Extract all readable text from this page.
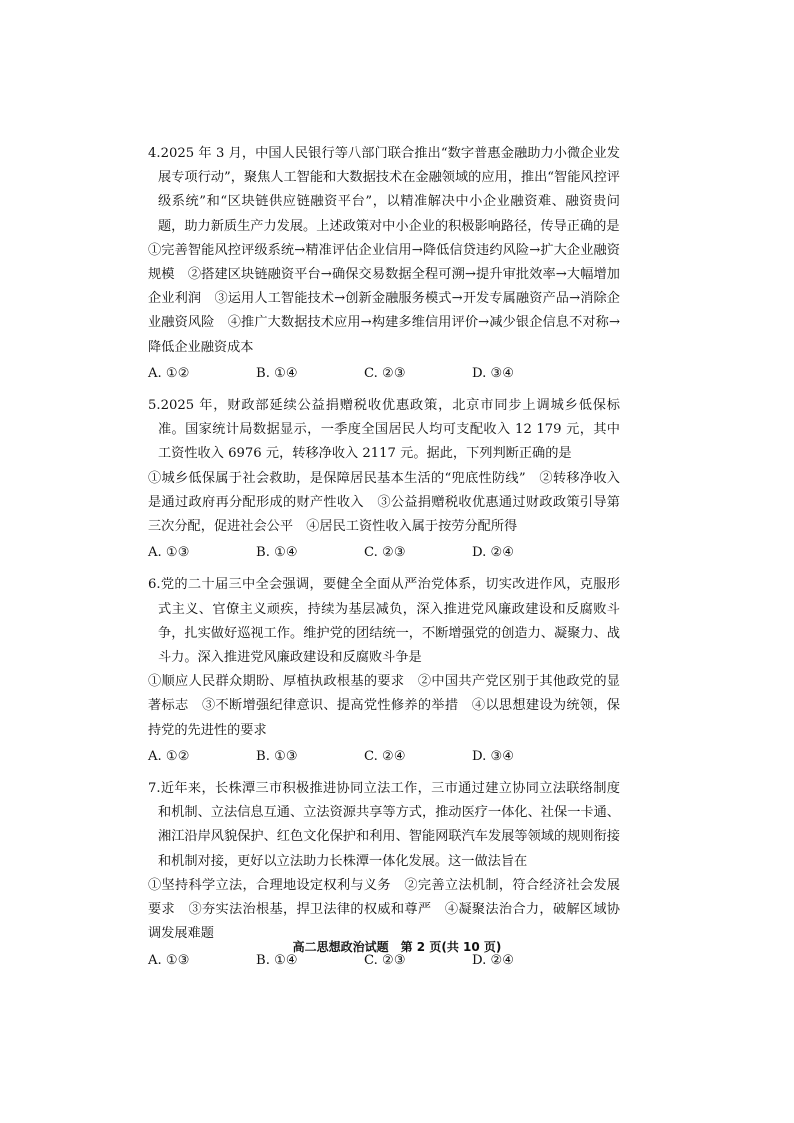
4.2025 年 3 月，中国人民银行等八部门联合推出“数字普惠金融助力小微企业发展专项行动”，聚焦人工智能和大数据技术在金融领域的应用，推出“智能风控评级系统”和“区块链供应链融资平台”，以精准解决中小企业融资难、融资贵问题，助力新质生产力发展。上述政策对中小企业的积极影响路径，传导正确的是

①完善智能风控评级系统→精准评估企业信用→降低信贷违约风险→扩大企业融资规模　②搭建区块链融资平台→确保交易数据全程可溯→提升审批效率→大幅增加企业利润　③运用人工智能技术→创新金融服务模式→开发专属融资产品→消除企业融资风险　④推广大数据技术应用→构建多维信用评价→减少银企信息不对称→降低企业融资成本

A. ①②	B. ①④	C. ②③	D. ③④

5.2025 年，财政部延续公益捐赠税收优惠政策，北京市同步上调城乡低保标准。国家统计局数据显示，一季度全国居民人均可支配收入 12 179 元，其中工资性收入 6976 元，转移净收入 2117 元。据此，下列判断正确的是

①城乡低保属于社会救助，是保障居民基本生活的“兜底性防线”　②转移净收入是通过政府再分配形成的财产性收入　③公益捐赠税收优惠通过财政政策引导第三次分配，促进社会公平　④居民工资性收入属于按劳分配所得

A. ①③	B. ①④	C. ②③	D. ②④

6.党的二十届三中全会强调，要健全全面从严治党体系，切实改进作风，克服形式主义、官僚主义顽疾，持续为基层减负，深入推进党风廉政建设和反腐败斗争，扎实做好巡视工作。维护党的团结统一，不断增强党的创造力、凝聚力、战斗力。深入推进党风廉政建设和反腐败斗争是

①顺应人民群众期盼、厚植执政根基的要求　②中国共产党区别于其他政党的显著标志　③不断增强纪律意识、提高党性修养的举措　④以思想建设为统领，保持党的先进性的要求

A. ①②	B. ①③	C. ②④	D. ③④

7.近年来，长株潭三市积极推进协同立法工作，三市通过建立协同立法联络制度和机制、立法信息互通、立法资源共享等方式，推动医疗一体化、社保一卡通、湘江沿岸风貌保护、红色文化保护和利用、智能网联汽车发展等领域的规则衔接和机制对接，更好以立法助力长株潭一体化发展。这一做法旨在

①坚持科学立法，合理地设定权利与义务　②完善立法机制，符合经济社会发展要求　③夯实法治根基，捍卫法律的权威和尊严　④凝聚法治合力，破解区域协调发展难题

A. ①③	B. ①④	C. ②③	D. ②④
高二思想政治试题　第 2 页(共 10 页)
